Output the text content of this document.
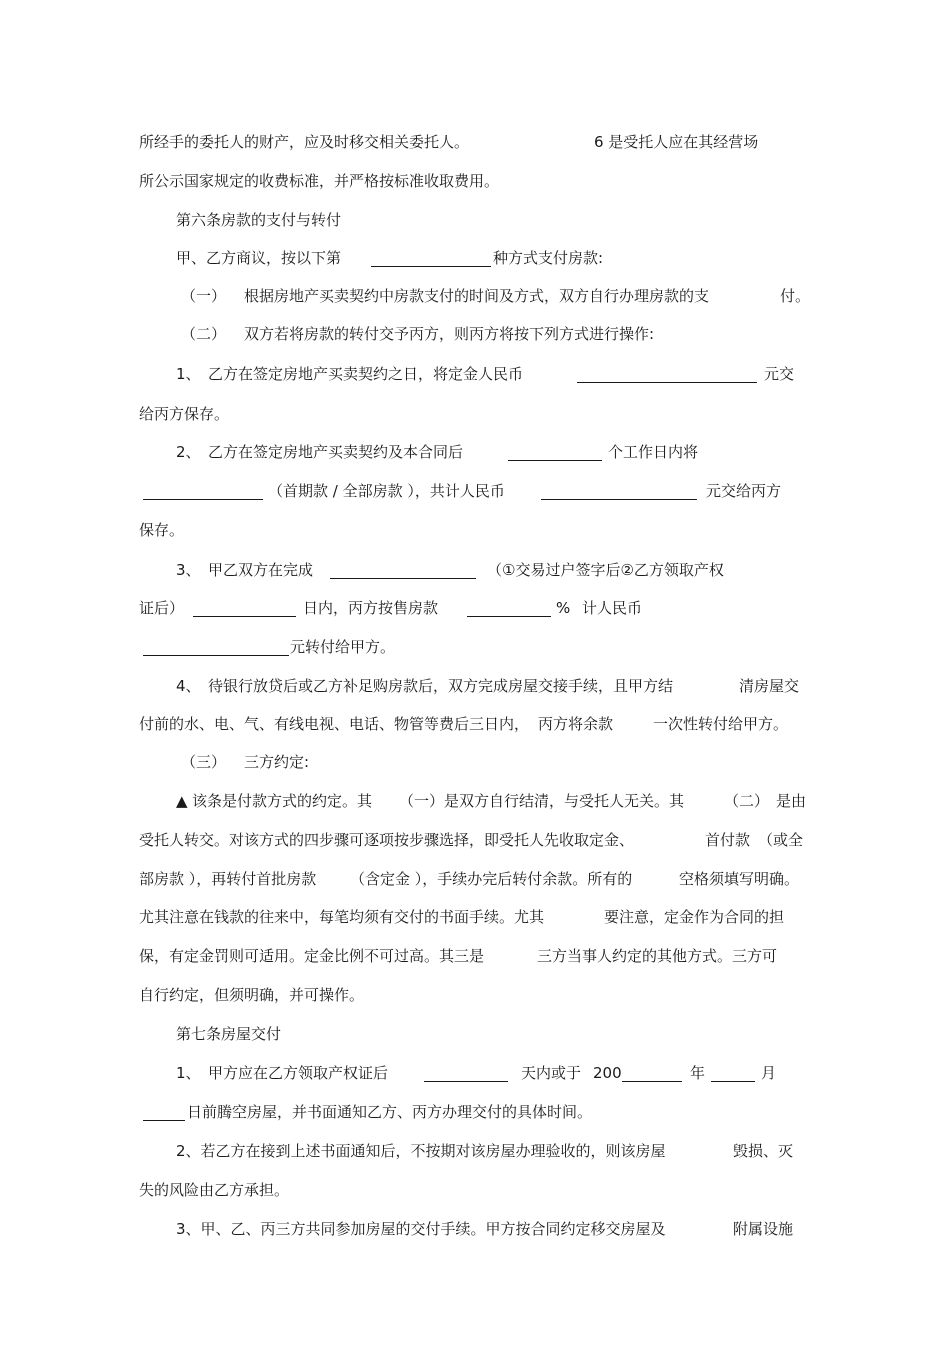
所经手的委托人的财产，应及时移交相关委托人。	6 是受托人应在其经营场
所公示国家规定的收费标准，并严格按标准收取费用。
第六条房款的支付与转付
甲、乙方商议，按以下第	种方式支付房款:
（一） 根据房地产买卖契约中房款支付的时间及方式，双方自行办理房款的支	付。
（二） 双方若将房款的转付交予丙方，则丙方将按下列方式进行操作:
1、 乙方在签定房地产买卖契约之日，将定金人民币	元交
给丙方保存。
2、 乙方在签定房地产买卖契约及本合同后	个工作日内将
（首期款 / 全部房款 ），共计人民币	元交给丙方
保存。
3、 甲乙双方在完成	（①交易过户签字后②乙方领取产权
证后）	日内，丙方按售房款	% 计人民币
元转付给甲方。
4、 待银行放贷后或乙方补足购房款后，双方完成房屋交接手续，且甲方结	清房屋交
付前的水、电、气、有线电视、电话、物管等费后三日内， 丙方将余款	一次性转付给甲方。
（三） 三方约定:
▲ 该条是付款方式的约定。其 （一）是双方自行结清，与受托人无关。其	（二） 是由
受托人转交。对该方式的四步骤可逐项按步骤选择，即受托人先收取定金、	首付款 （或全
部房款 ），再转付首批房款 （含定金 ），手续办完后转付余款。所有的	空格须填写明确。
尤其注意在钱款的往来中，每笔均须有交付的书面手续。尤其	要注意，定金作为合同的担
保，有定金罚则可适用。定金比例不可过高。其三是	三方当事人约定的其他方式。三方可
自行约定，但须明确，并可操作。
第七条房屋交付
1、 甲方应在乙方领取产权证后	天内或于 200	年	月
日前腾空房屋，并书面通知乙方、丙方办理交付的具体时间。
2、若乙方在接到上述书面通知后，不按期对该房屋办理验收的，则该房屋	毁损、灭
失的风险由乙方承担。
3、甲、乙、丙三方共同参加房屋的交付手续。甲方按合同约定移交房屋及	附属设施
